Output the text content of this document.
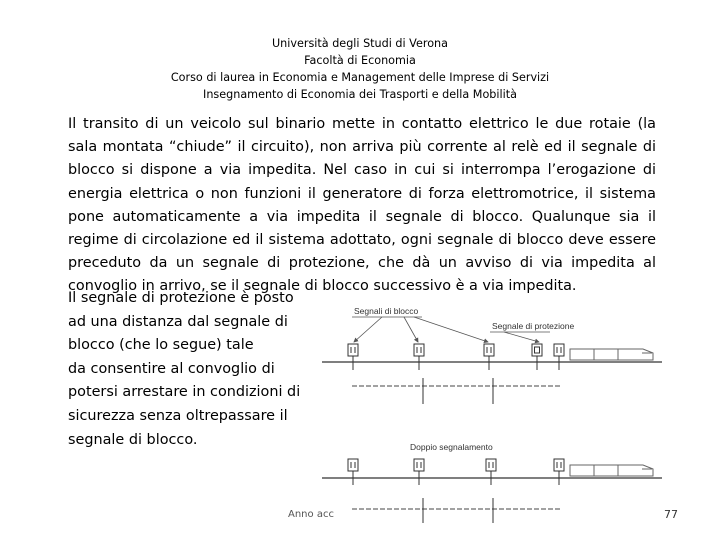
Università degli Studi di Verona
Facoltà di Economia
Corso di laurea in Economia e Management delle Imprese di Servizi
Insegnamento di Economia dei Trasporti e della Mobilità
Il transito di un veicolo sul binario mette in contatto elettrico le due rotaie (la sala montata “chiude” il circuito), non arriva più corrente al relè ed il segnale di blocco si dispone a via impedita. Nel caso in cui si interrompa l’erogazione di energia elettrica o non funzioni il generatore di forza elettromotrice, il sistema pone automaticamente a via impedita il segnale di blocco. Qualunque sia il regime di circolazione ed il sistema adottato, ogni segnale di blocco deve essere preceduto da un segnale di protezione, che dà un avviso di via impedita al convoglio in arrivo, se il segnale di blocco successivo è a via impedita.
Il segnale di protezione è posto
ad una distanza dal segnale di
blocco (che lo segue) tale
da consentire al convoglio di
potersi arrestare in condizioni di
sicurezza senza oltrepassare il
segnale di blocco.
Segnali di blocco
Segnale di protezione
Doppio segnalamento
Anno acc	77
